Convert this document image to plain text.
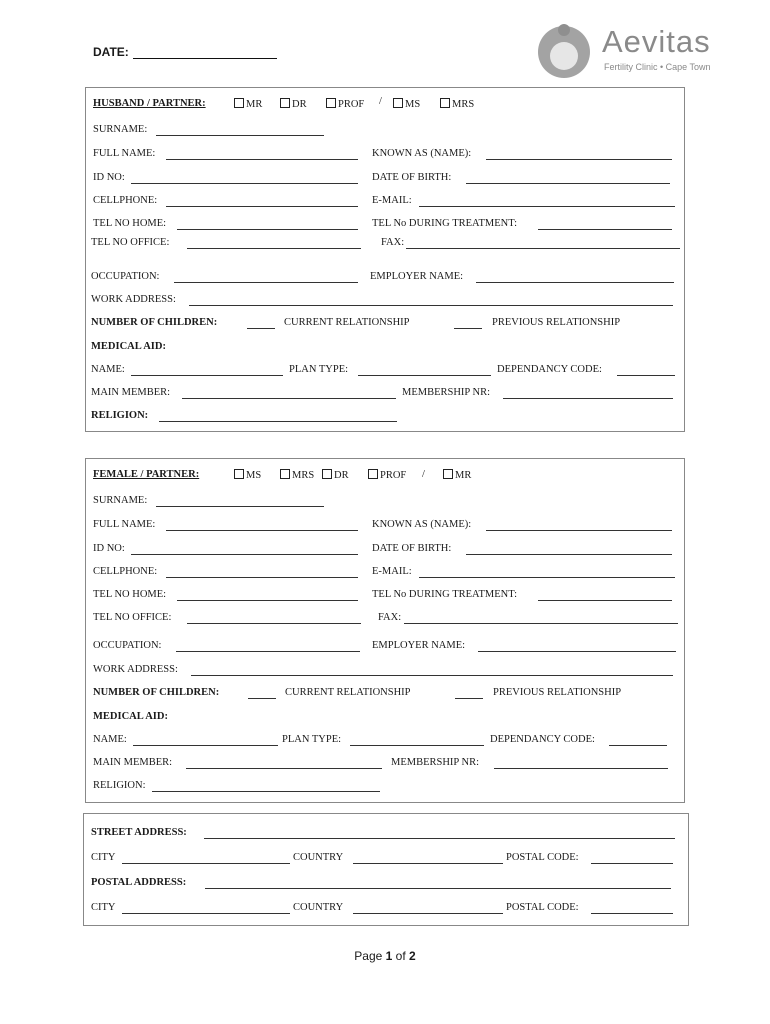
DATE:	Aevitas
Fertility Clinic • Cape Town
HUSBAND / PARTNER:	MR	DR	PROF /	MS	MRS
SURNAME:
FULL NAME:	KNOWN AS (NAME):
ID NO:	DATE OF BIRTH:
CELLPHONE:	E-MAIL:
TEL NO HOME:	TEL No DURING TREATMENT:
TEL NO OFFICE:	FAX:
OCCUPATION:	EMPLOYER NAME:
WORK ADDRESS:
NUMBER OF CHILDREN:	CURRENT RELATIONSHIP	PREVIOUS RELATIONSHIP
MEDICAL AID:
NAME:	PLAN TYPE:	DEPENDANCY CODE:
MAIN MEMBER:	MEMBERSHIP NR:
RELIGION:
FEMALE / PARTNER:	MS	MRS	DR	PROF /	MR
SURNAME:
FULL NAME:	KNOWN AS (NAME):
ID NO:	DATE OF BIRTH:
CELLPHONE:	E-MAIL:
TEL NO HOME:	TEL No DURING TREATMENT:
TEL NO OFFICE:	FAX:
OCCUPATION:	EMPLOYER NAME:
WORK ADDRESS:
NUMBER OF CHILDREN:	CURRENT RELATIONSHIP	PREVIOUS RELATIONSHIP
MEDICAL AID:
NAME:	PLAN TYPE:	DEPENDANCY CODE:
MAIN MEMBER:	MEMBERSHIP NR:
RELIGION:
STREET ADDRESS:
CITY	COUNTRY	POSTAL CODE:
POSTAL ADDRESS:
CITY	COUNTRY	POSTAL CODE:
Page 1 of 2
